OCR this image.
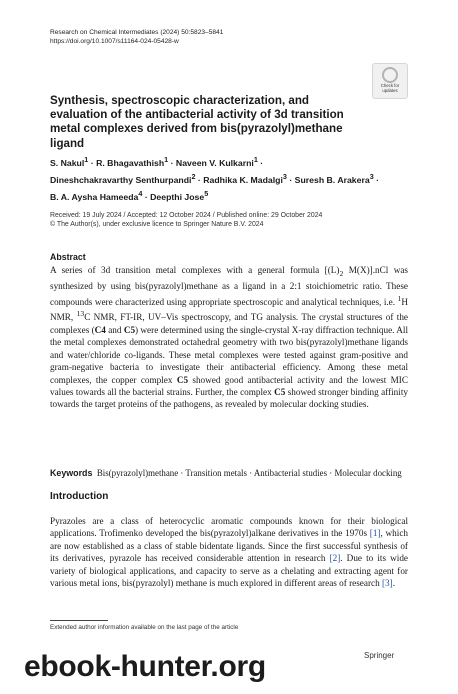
Research on Chemical Intermediates (2024) 50:5823–5841
https://doi.org/10.1007/s11164-024-05428-w
Check for
updates
Synthesis, spectroscopic characterization, and evaluation of the antibacterial activity of 3d transition metal complexes derived from bis(pyrazolyl)methane ligand
S. Nakul$^1$ · R. Bhagavathish$^1$ · Naveen V. Kulkarni$^1$ ·
Dineshchakravarthy Senthurpandi$^2$ · Radhika K. Madalgi$^3$ · Suresh B. Arakera$^3$ ·
B. A. Aysha Hameeda$^4$ · Deepthi Jose$^5$
Received: 19 July 2024 / Accepted: 12 October 2024 / Published online: 29 October 2024
© The Author(s), under exclusive licence to Springer Nature B.V. 2024
Abstract
A series of 3d transition metal complexes with a general formula [$(L)_2$ M(X)].nCl was synthesized by using bis(pyrazolyl)methane as a ligand in a 2:1 stoichiometric ratio. These compounds were characterized using appropriate spectroscopic and analytical techniques, i.e. $^1$H NMR, $^{13}$C NMR, FT-IR, UV–Vis spectroscopy, and TG analysis. The crystal structures of the complexes (C4 and C5) were determined using the single-crystal X-ray diffraction technique. All the metal complexes demonstrated octahedral geometry with two bis(pyrazolyl)methane ligands and water/chloride co-ligands. These metal complexes were tested against gram-positive and gram-negative bacteria to investigate their antibacterial efficiency. Among these metal complexes, the copper complex C5 showed good antibacterial activity and the lowest MIC values towards all the bacterial strains. Further, the complex C5 showed stronger binding affinity towards the target proteins of the pathogens, as revealed by molecular docking studies.
Keywords Bis(pyrazolyl)methane · Transition metals · Antibacterial studies · Molecular docking
Introduction
Pyrazoles are a class of heterocyclic aromatic compounds known for their biological applications. Trofimenko developed the bis(pyrazolyl)alkane derivatives in the 1970s [1], which are now established as a class of stable bidentate ligands. Since the first successful synthesis of its derivatives, pyrazole has received considerable attention in research [2]. Due to its wide variety of biological applications, and capacity to serve as a chelating and extracting agent for various metal ions, bis(pyrazolyl) methane is much explored in different areas of research [3].
Extended author information available on the last page of the article
Springer
ebook-hunter.org
